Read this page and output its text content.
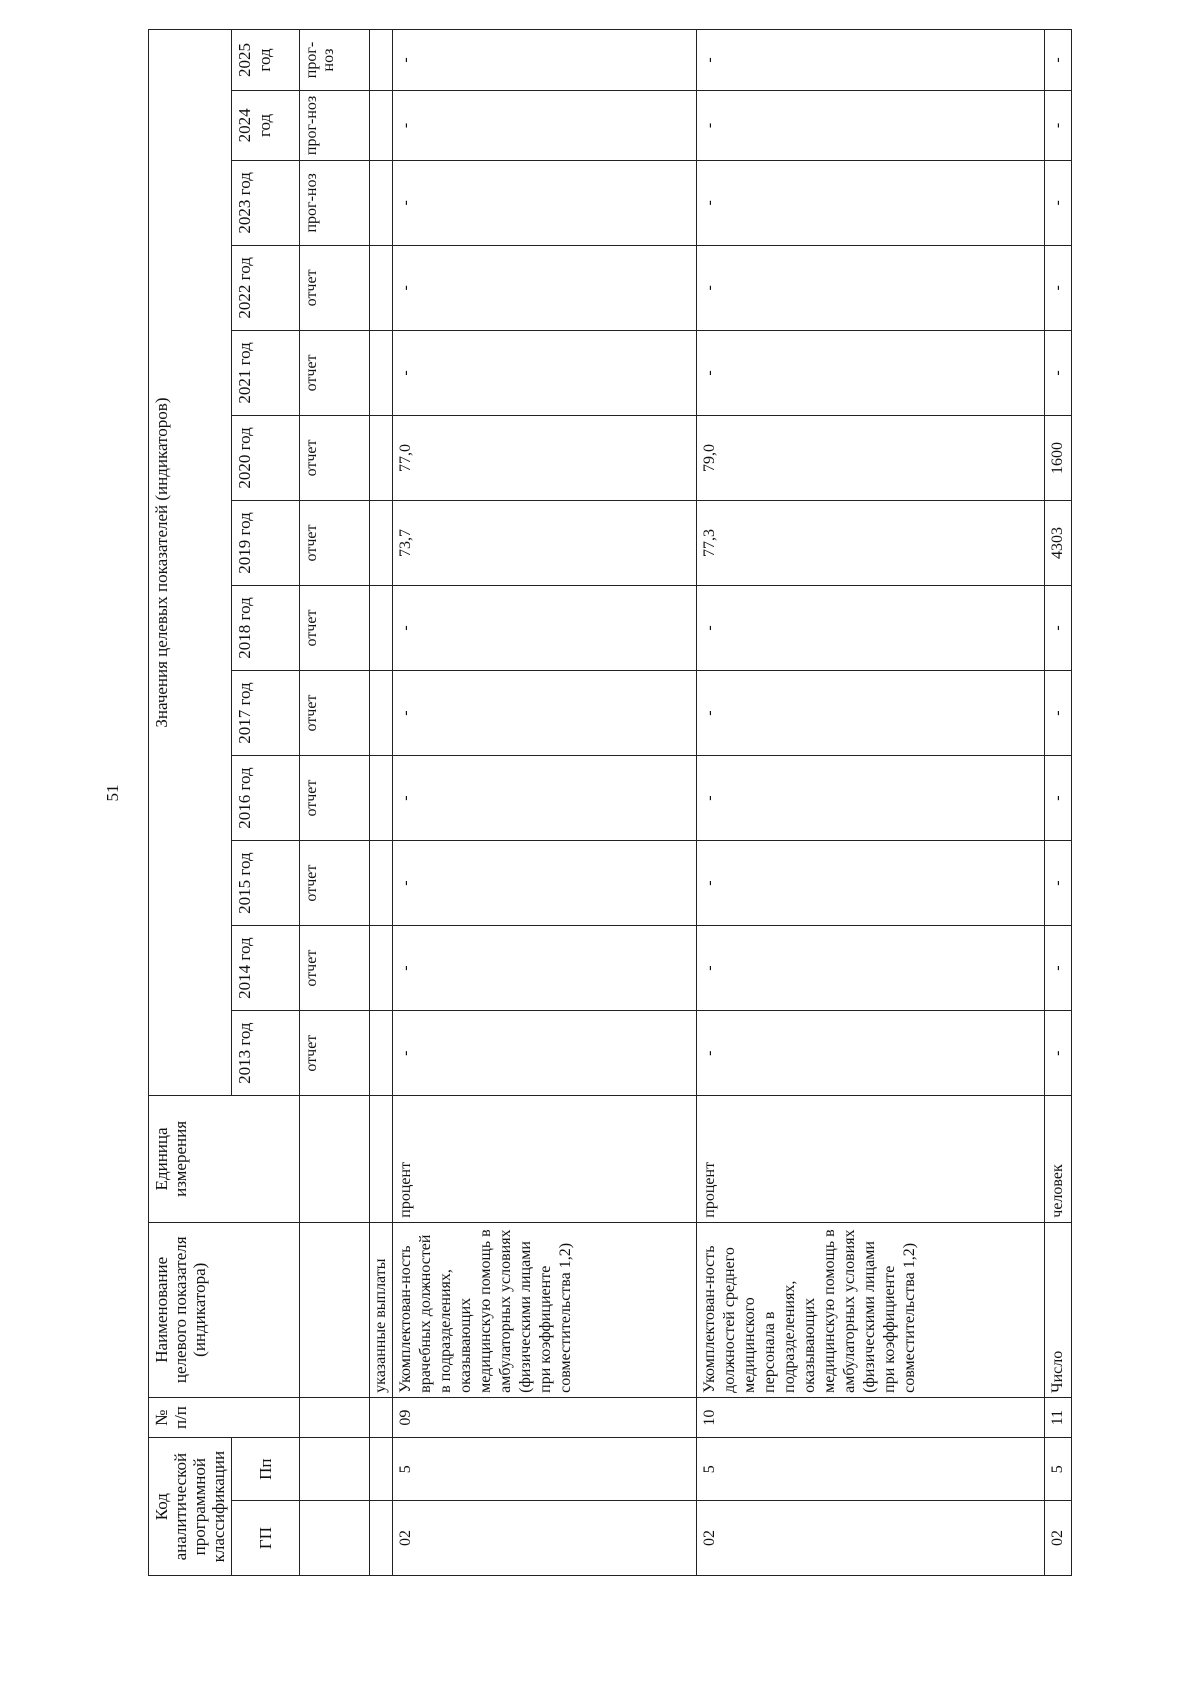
51
Код аналитической программной классификации		№ п/п	Наименование целевого показателя (индикатора)	Единица измерения	Значения целевых показателей (индикаторов)												
ГП	Пп				2013 год	2014 год	2015 год	2016 год	2017 год	2018 год	2019 год	2020 год	2021 год	2022 год	2023 год	2024 год	2025 год
					отчет	отчет	отчет	отчет	отчет	отчет	отчет	отчет	отчет	отчет	прог-ноз	прог-ноз	прог-ноз
			указанные выплаты														
02	5	09	Укомплектован-ность врачебных должностей в подразделениях, оказывающих медицинскую помощь в амбулаторных условиях (физическими лицами при коэффициенте совместительства 1,2)	процент	-	-	-	-	-	-	73,7	77,0	-	-	-	-	-
02	5	10	Укомплектован-ность должностей среднего медицинского персонала в подразделениях, оказывающих медицинскую помощь в амбулаторных условиях (физическими лицами при коэффициенте совместительства 1,2)	процент	-	-	-	-	-	-	77,3	79,0	-	-	-	-	-
02	5	11	Число	человек	-	-	-	-	-	-	4303	1600	-	-	-	-	-
